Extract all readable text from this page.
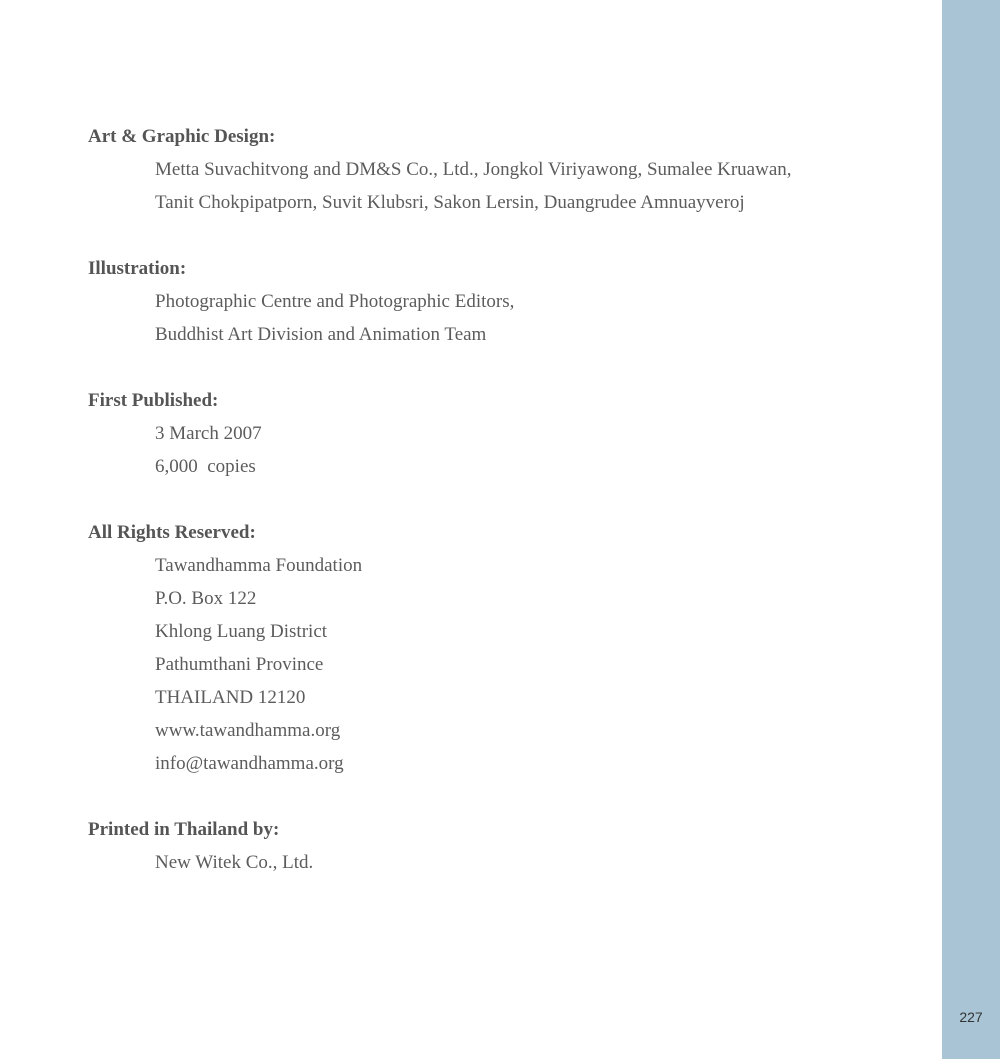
Art & Graphic Design:

Metta Suvachitvong and DM&S Co., Ltd., Jongkol Viriyawong, Sumalee Kruawan,

Tanit Chokpipatporn, Suvit Klubsri, Sakon Lersin, Duangrudee Amnuayveroj

Illustration:

Photographic Centre and Photographic Editors,

Buddhist Art Division and Animation Team

First Published:

3 March 2007

6,000  copies

All Rights Reserved:

Tawandhamma Foundation

P.O. Box 122

Khlong Luang District

Pathumthani Province

THAILAND 12120

www.tawandhamma.org

info@tawandhamma.org

Printed in Thailand by:

New Witek Co., Ltd.

227
